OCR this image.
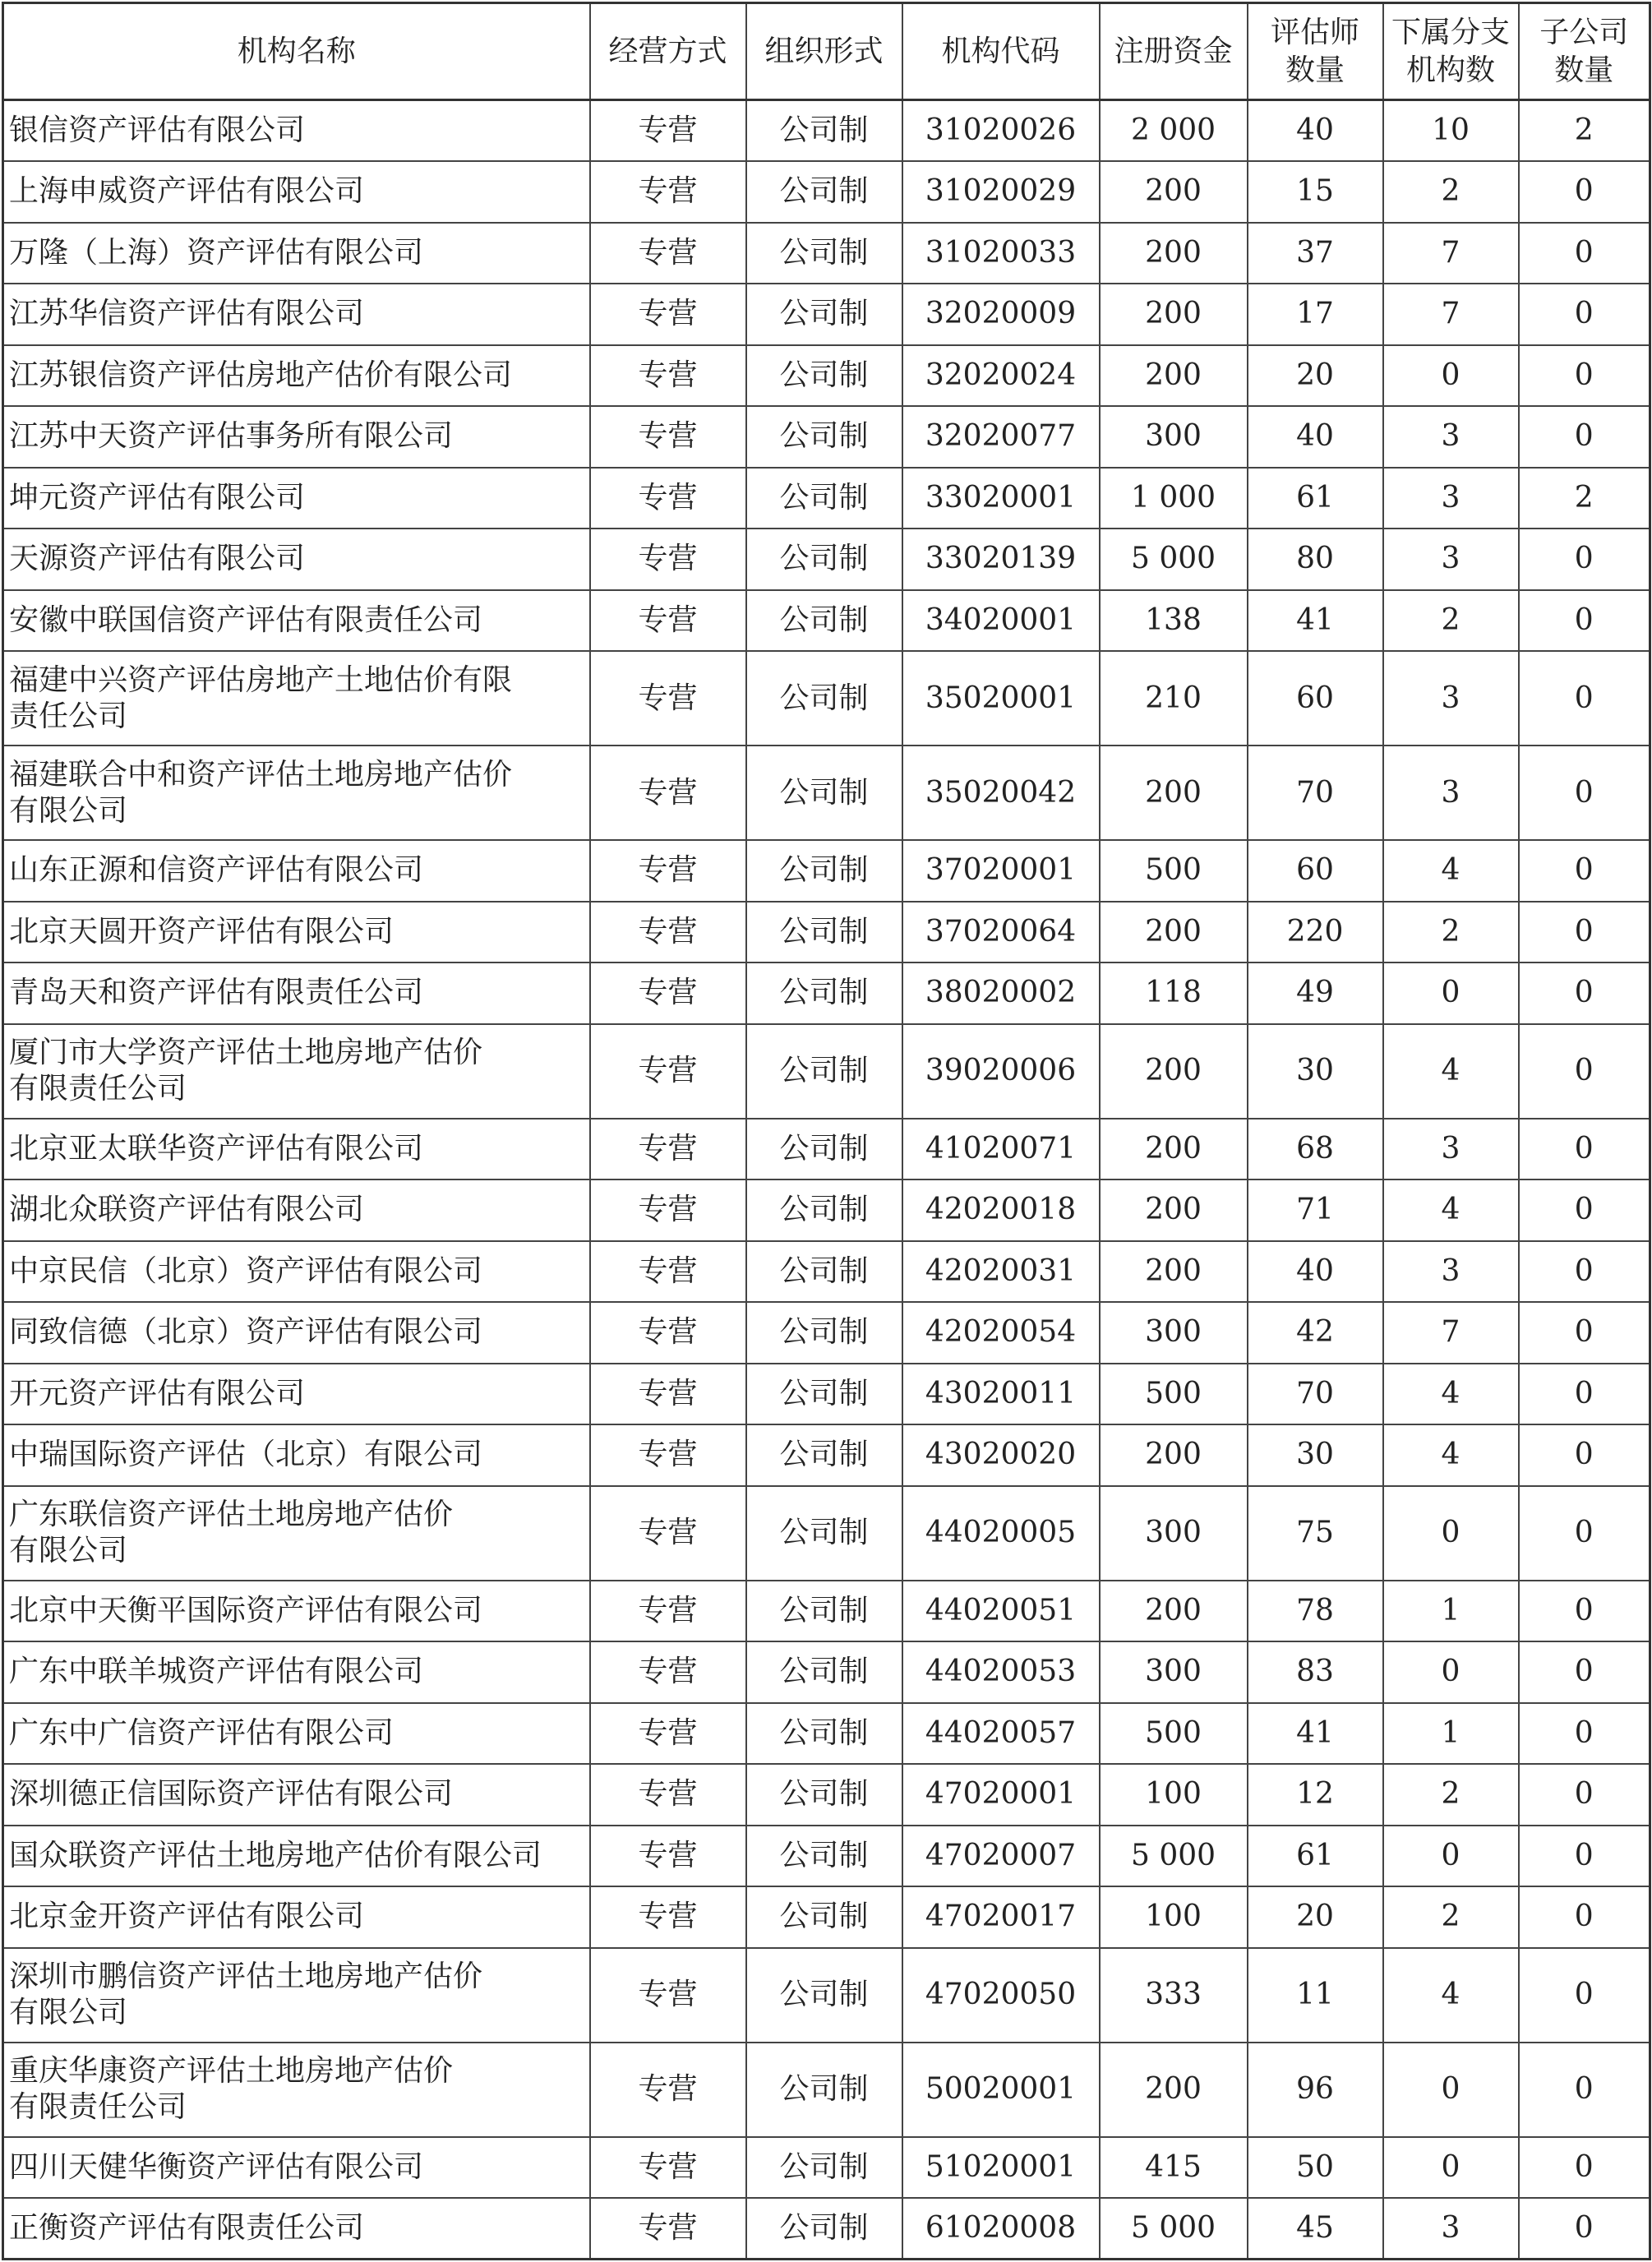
机构名称	经营方式	组织形式	机构代码	注册资金	评估师数量	下属分支机构数	子公司数量

银信资产评估有限公司	专营	公司制	31020026	2 000	40	10	2

上海申威资产评估有限公司	专营	公司制	31020029	200	15	2	0

万隆（上海）资产评估有限公司	专营	公司制	31020033	200	37	7	0

江苏华信资产评估有限公司	专营	公司制	32020009	200	17	7	0

江苏银信资产评估房地产估价有限公司	专营	公司制	32020024	200	20	0	0

江苏中天资产评估事务所有限公司	专营	公司制	32020077	300	40	3	0

坤元资产评估有限公司	专营	公司制	33020001	1 000	61	3	2

天源资产评估有限公司	专营	公司制	33020139	5 000	80	3	0

安徽中联国信资产评估有限责任公司	专营	公司制	34020001	138	41	2	0

福建中兴资产评估房地产土地估价有限
责任公司	专营	公司制	35020001	210	60	3	0

福建联合中和资产评估土地房地产估价
有限公司	专营	公司制	35020042	200	70	3	0

山东正源和信资产评估有限公司	专营	公司制	37020001	500	60	4	0

北京天圆开资产评估有限公司	专营	公司制	37020064	200	220	2	0

青岛天和资产评估有限责任公司	专营	公司制	38020002	118	49	0	0

厦门市大学资产评估土地房地产估价
有限责任公司	专营	公司制	39020006	200	30	4	0

北京亚太联华资产评估有限公司	专营	公司制	41020071	200	68	3	0

湖北众联资产评估有限公司	专营	公司制	42020018	200	71	4	0

中京民信（北京）资产评估有限公司	专营	公司制	42020031	200	40	3	0

同致信德（北京）资产评估有限公司	专营	公司制	42020054	300	42	7	0

开元资产评估有限公司	专营	公司制	43020011	500	70	4	0

中瑞国际资产评估（北京）有限公司	专营	公司制	43020020	200	30	4	0

广东联信资产评估土地房地产估价
有限公司	专营	公司制	44020005	300	75	0	0

北京中天衡平国际资产评估有限公司	专营	公司制	44020051	200	78	1	0

广东中联羊城资产评估有限公司	专营	公司制	44020053	300	83	0	0

广东中广信资产评估有限公司	专营	公司制	44020057	500	41	1	0

深圳德正信国际资产评估有限公司	专营	公司制	47020001	100	12	2	0

国众联资产评估土地房地产估价有限公司	专营	公司制	47020007	5 000	61	0	0

北京金开资产评估有限公司	专营	公司制	47020017	100	20	2	0

深圳市鹏信资产评估土地房地产估价
有限公司	专营	公司制	47020050	333	11	4	0

重庆华康资产评估土地房地产估价
有限责任公司	专营	公司制	50020001	200	96	0	0

四川天健华衡资产评估有限公司	专营	公司制	51020001	415	50	0	0

正衡资产评估有限责任公司	专营	公司制	61020008	5 000	45	3	0
